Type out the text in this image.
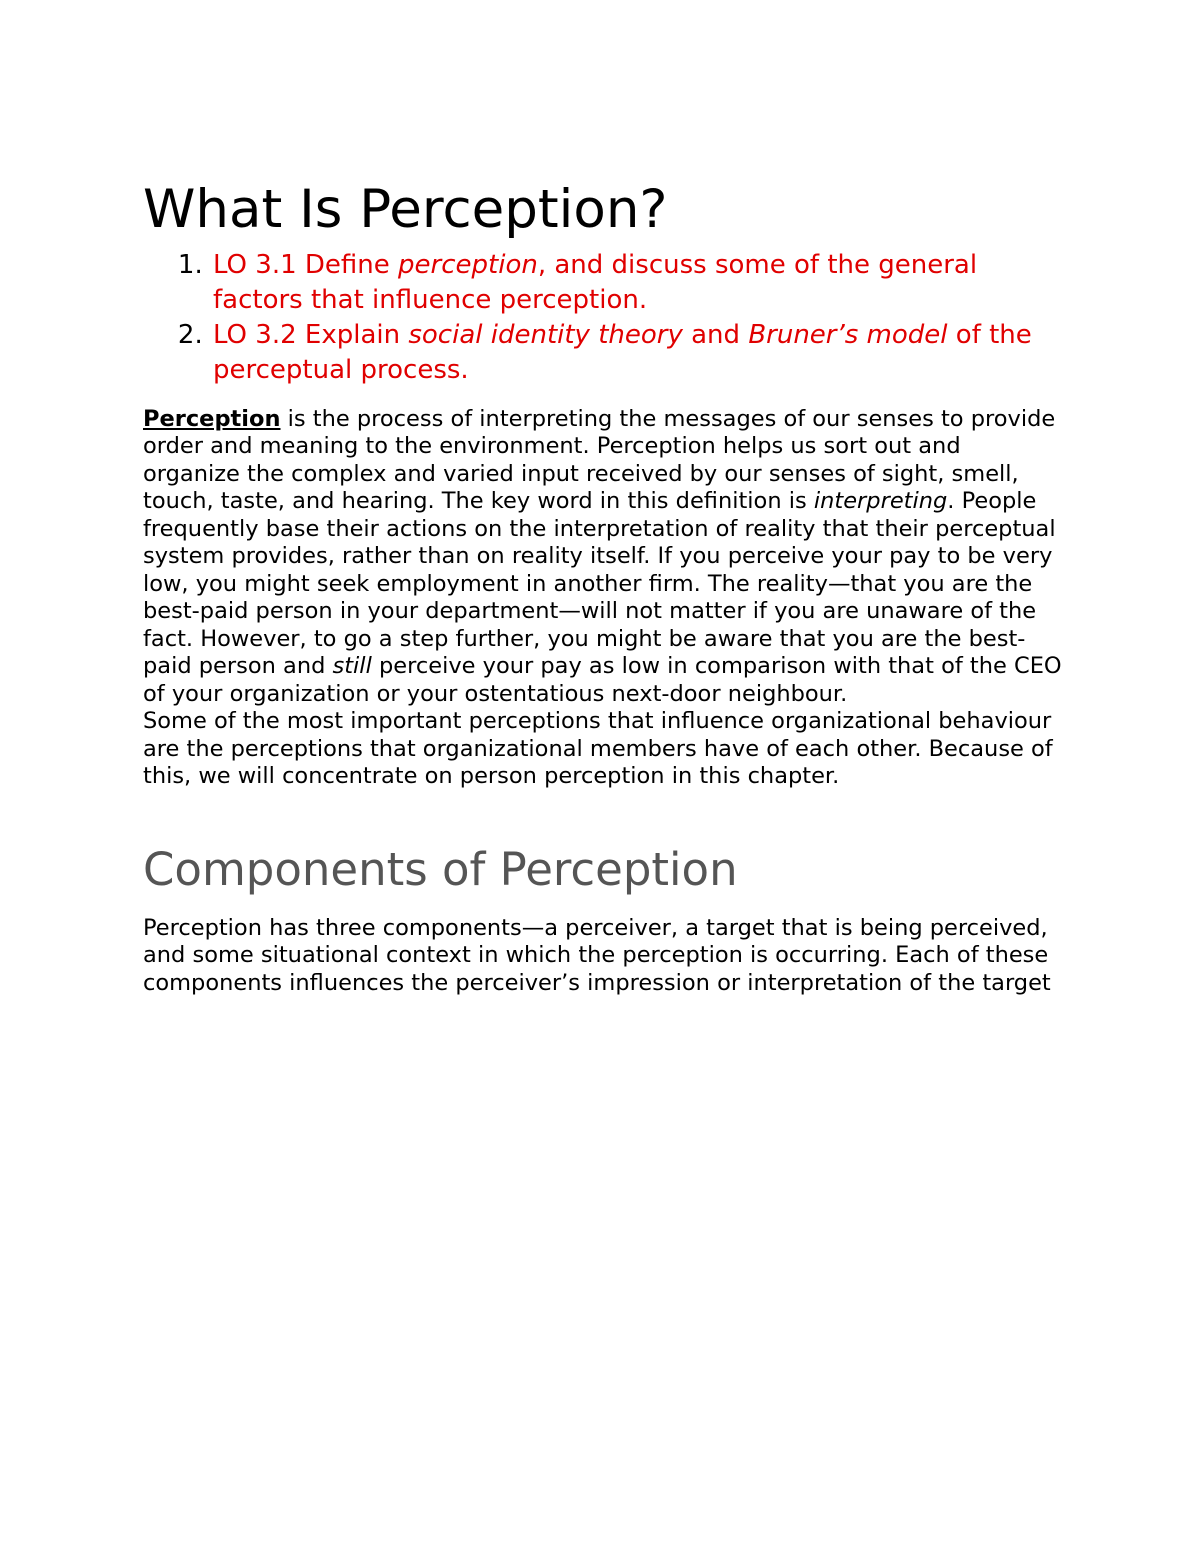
What Is Perception?
1. LO 3.1 Define perception, and discuss some of the general factors that influence perception.
2. LO 3.2 Explain social identity theory and Bruner’s model of the perceptual process.

Perception is the process of interpreting the messages of our senses to provide order and meaning to the environment. Perception helps us sort out and organize the complex and varied input received by our senses of sight, smell, touch, taste, and hearing. The key word in this definition is interpreting. People frequently base their actions on the interpretation of reality that their perceptual system provides, rather than on reality itself. If you perceive your pay to be very low, you might seek employment in another firm. The reality—that you are the best-paid person in your department—will not matter if you are unaware of the fact. However, to go a step further, you might be aware that you are the best-paid person and still perceive your pay as low in comparison with that of the CEO of your organization or your ostentatious next-door neighbour.

Some of the most important perceptions that influence organizational behaviour are the perceptions that organizational members have of each other. Because of this, we will concentrate on person perception in this chapter.

Components of Perception

Perception has three components—a perceiver, a target that is being perceived, and some situational context in which the perception is occurring. Each of these components influences the perceiver’s impression or interpretation of the target
